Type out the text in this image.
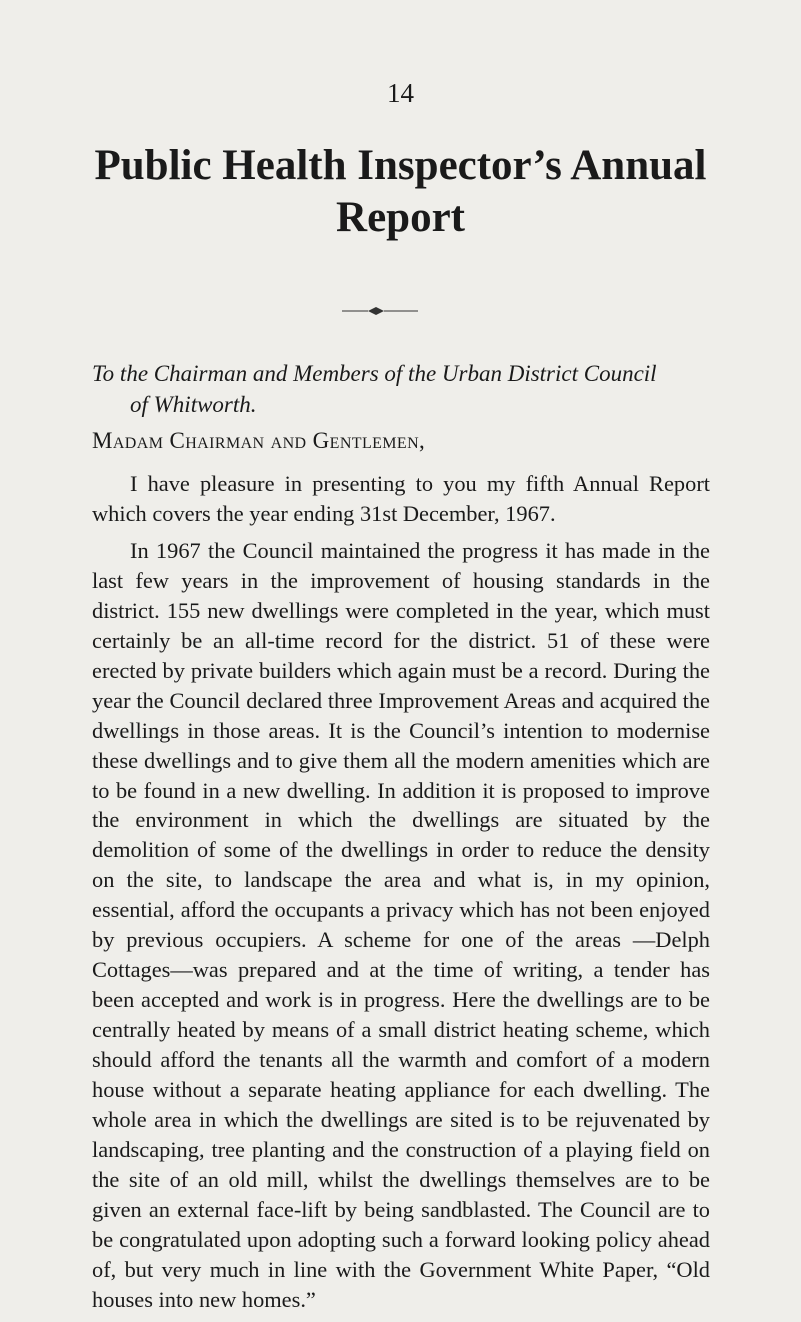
14
Public Health Inspector’s Annual Report
To the Chairman and Members of the Urban District Council
of Whitworth.
Madam Chairman and Gentlemen,

I have pleasure in presenting to you my fifth Annual Report which covers the year ending 31st December, 1967.

In 1967 the Council maintained the progress it has made in the last few years in the improvement of housing standards in the district. 155 new dwellings were completed in the year, which must certainly be an all-time record for the district. 51 of these were erected by private builders which again must be a record. During the year the Council declared three Improvement Areas and acquired the dwellings in those areas. It is the Council’s intention to modernise these dwellings and to give them all the modern amenities which are to be found in a new dwelling. In addition it is proposed to improve the environment in which the dwellings are situated by the demolition of some of the dwellings in order to reduce the density on the site, to landscape the area and what is, in my opinion, essential, afford the occupants a privacy which has not been enjoyed by previous occupiers. A scheme for one of the areas —Delph Cottages—was prepared and at the time of writing, a tender has been accepted and work is in progress. Here the dwellings are to be centrally heated by means of a small district heating scheme, which should afford the tenants all the warmth and comfort of a modern house without a separate heating appliance for each dwelling. The whole area in which the dwellings are sited is to be rejuvenated by landscaping, tree planting and the construction of a playing field on the site of an old mill, whilst the dwellings themselves are to be given an external face-lift by being sandblasted. The Council are to be congratulated upon adopting such a forward looking policy ahead of, but very much in line with the Government White Paper, “Old houses into new homes.”
